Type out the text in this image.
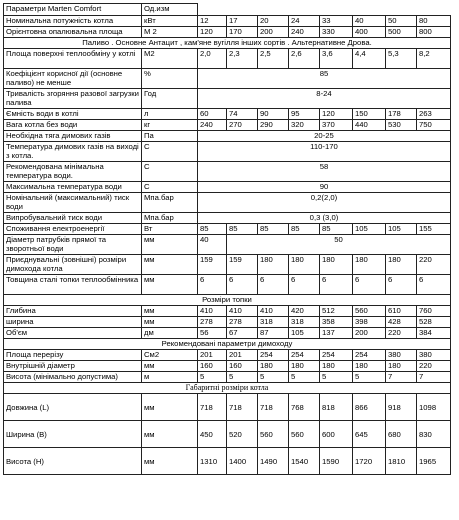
Параметри Marten Comfort	Од.изм								
Номинальна потужність котла	кВт	12	17	20	24	33	40	50	80
Орієнтовна опалювальна площа	М 2	120	170	200	240	330	400	500	800
Паливо . Основне Антацит , кам'яне вугілля інших сортів . Альтернативне Дрова.									
Площа поверхні теплообміну у котлі	М2	2,0	2,3	2,5	2,6	3,6	4,4	5,3	8,2
Коефіцієнт корисної дії (основне паливо) не менше	%	85							
Тривалість згоряння разової загрузки палива	Год	8-24							
Ємність води в котлі	л	60	74	90	95	120	150	178	263
Вага котла без води	кг	240	270	290	320	370	440	530	750
Необхідна тяга димових газів	Па	20-25							
Температура димових газів на виході з котла.	С	110-170							
Рекомендована мінімальна температура води.	С	58							
Максимальна температура води	С	90							
Номінальний (максимальний) тиск води	Мпа.бар	0,2(2,0)							
Випробувальний тиск води	Мпа.бар	0,3 (3,0)							
Споживання електроенергії	Вт	85	85	85	85	85	105	105	155
Діаметр патрубків прямої та зворотньої води	мм	40	50						
Приєднувальні (зовнішні) розміри димохода котла	мм	159	159	180	180	180	180	180	220
Товщина сталі топки теплообмінника	мм	6	6	6	6	6	6	6	6
Розміри топки									
Глибина	мм	410	410	410	420	512	560	610	760
ширина	мм	278	278	318	318	358	398	428	528
Об'єм	дм	56	67	87	105	137	200	220	384
Рекомендовані параметри димоходу									
Площа перерізу	См2	201	201	254	254	254	254	380	380
Внутрішній діаметр	мм	160	160	180	180	180	180	180	220
Висота (мінімально допустима)	м	5	5	5	5	5	5	7	7
Габаритні розміри котла									
Довжина (L)	мм	718	718	718	768	818	866	918	1098
Ширина (В)	мм	450	520	560	560	600	645	680	830
Висота (Н)	мм	1310	1400	1490	1540	1590	1720	1810	1965
